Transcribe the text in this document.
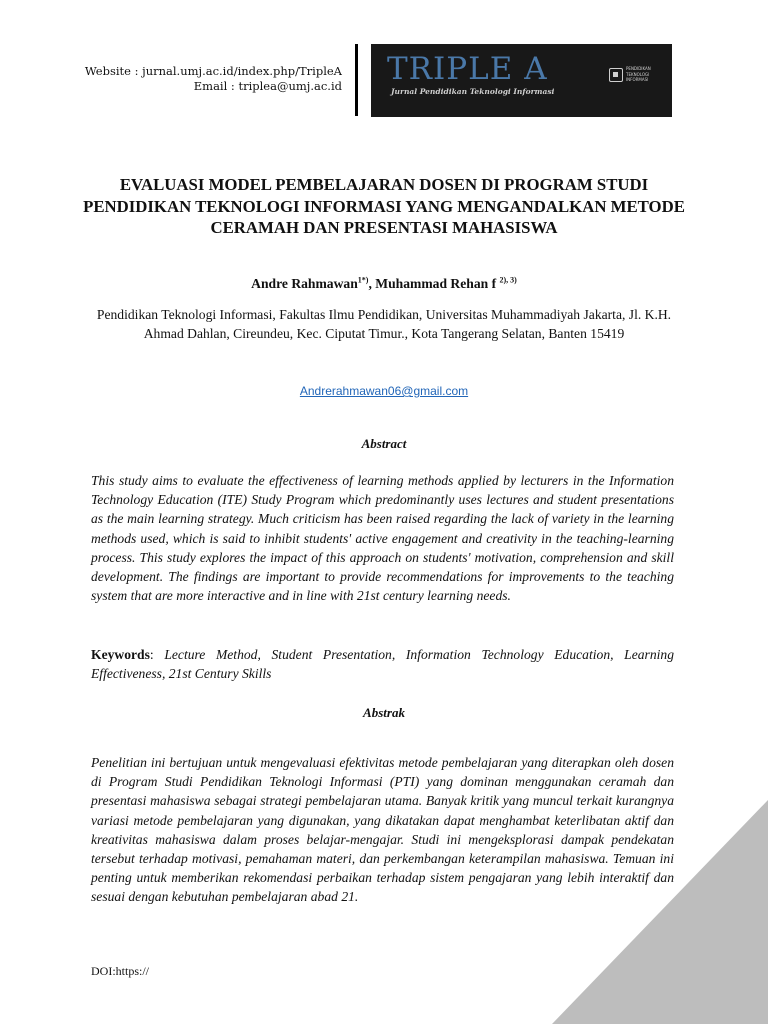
Website : jurnal.umj.ac.id/index.php/TripleA
Email : triplea@umj.ac.id TRIPLE A
Jurnal Pendidikan Teknologi Informasi
PENDIDIKAN TEKNOLOGI INFORMASI
EVALUASI MODEL PEMBELAJARAN DOSEN DI PROGRAM STUDI PENDIDIKAN TEKNOLOGI INFORMASI YANG MENGANDALKAN METODE CERAMAH DAN PRESENTASI MAHASISWA
Andre Rahmawan$^{1*)}$, Muhammad Rehan f $^{2), 3)}$
Pendidikan Teknologi Informasi, Fakultas Ilmu Pendidikan, Universitas Muhammadiyah Jakarta, Jl. K.H. Ahmad Dahlan, Cireundeu, Kec. Ciputat Timur., Kota Tangerang Selatan, Banten 15419
Andrerahmawan06@gmail.com
Abstract
This study aims to evaluate the effectiveness of learning methods applied by lecturers in the Information Technology Education (ITE) Study Program which predominantly uses lectures and student presentations as the main learning strategy. Much criticism has been raised regarding the lack of variety in the learning methods used, which is said to inhibit students' active engagement and creativity in the teaching-learning process. This study explores the impact of this approach on students' motivation, comprehension and skill development. The findings are important to provide recommendations for improvements to the teaching system that are more interactive and in line with 21st century learning needs.
Keywords: Lecture Method, Student Presentation, Information Technology Education, Learning Effectiveness, 21st Century Skills
Abstrak
Penelitian ini bertujuan untuk mengevaluasi efektivitas metode pembelajaran yang diterapkan oleh dosen di Program Studi Pendidikan Teknologi Informasi (PTI) yang dominan menggunakan ceramah dan presentasi mahasiswa sebagai strategi pembelajaran utama. Banyak kritik yang muncul terkait kurangnya variasi metode pembelajaran yang digunakan, yang dikatakan dapat menghambat keterlibatan aktif dan kreativitas mahasiswa dalam proses belajar-mengajar. Studi ini mengeksplorasi dampak pendekatan tersebut terhadap motivasi, pemahaman materi, dan perkembangan keterampilan mahasiswa. Temuan ini penting untuk memberikan rekomendasi perbaikan terhadap sistem pengajaran yang lebih interaktif dan sesuai dengan kebutuhan pembelajaran abad 21.
DOI:https://
